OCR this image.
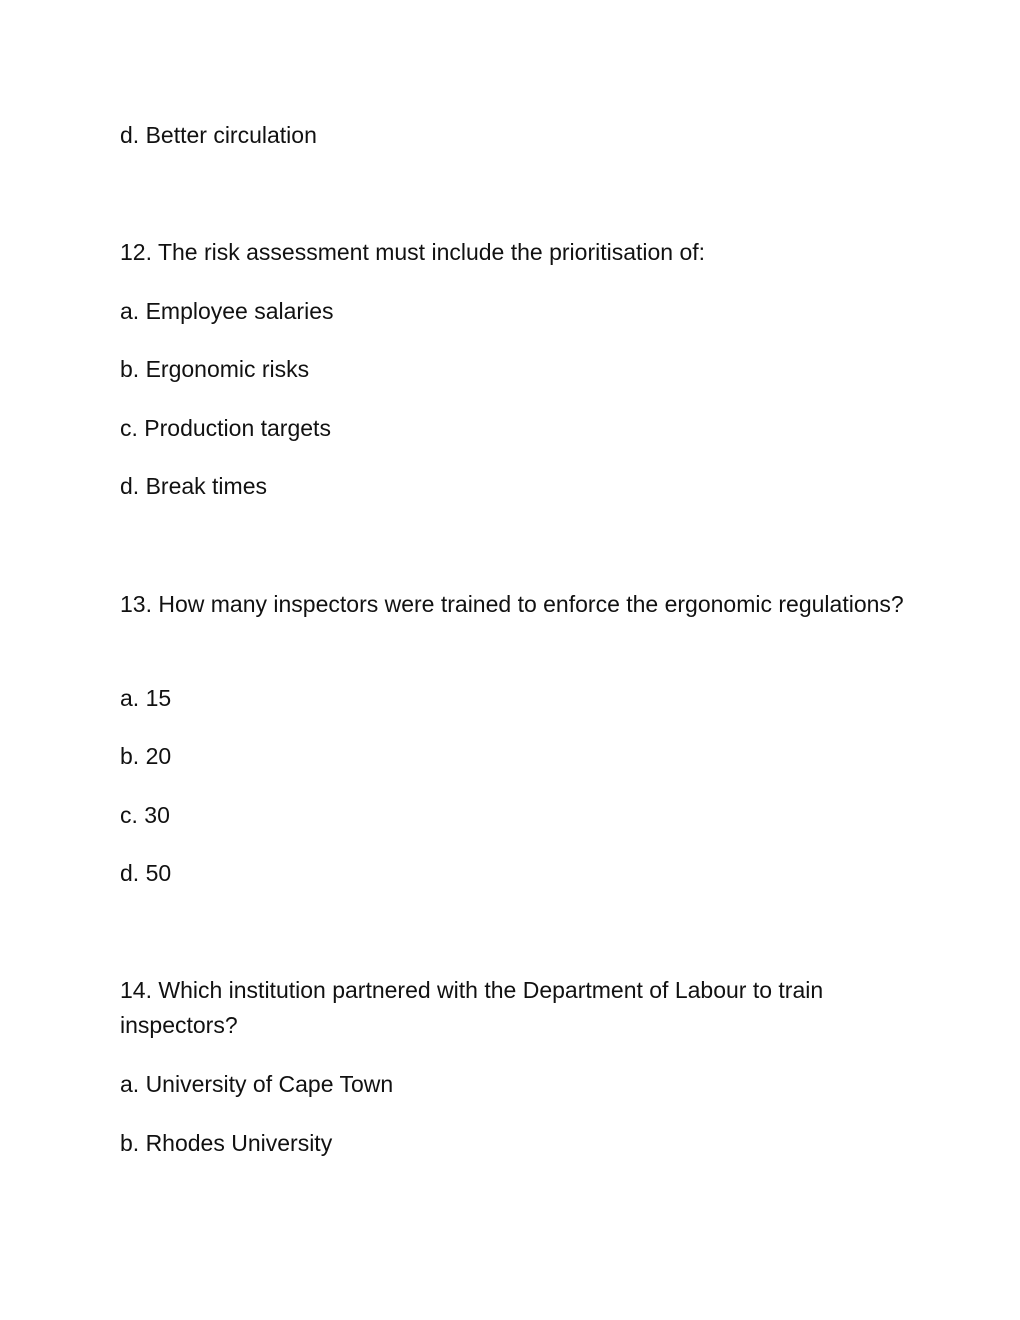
d. Better circulation
12. The risk assessment must include the prioritisation of:
a. Employee salaries
b. Ergonomic risks
c. Production targets
d. Break times
13. How many inspectors were trained to enforce the ergonomic regulations?
a. 15
b. 20
c. 30
d. 50
14. Which institution partnered with the Department of Labour to train inspectors?
a. University of Cape Town
b. Rhodes University
